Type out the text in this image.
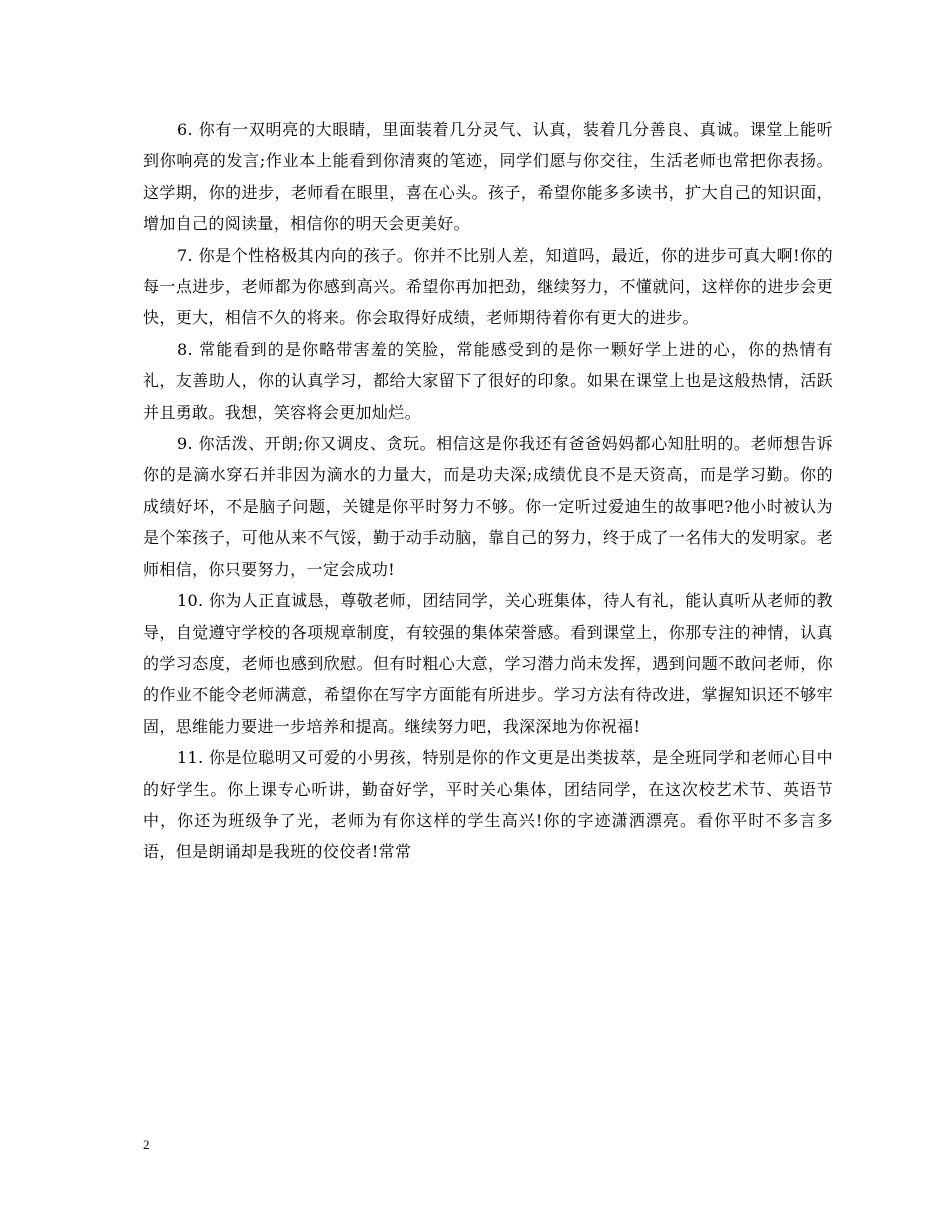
6. 你有一双明亮的大眼睛，里面装着几分灵气、认真，装着几分善良、真诚。课堂上能听到你响亮的发言;作业本上能看到你清爽的笔迹，同学们愿与你交往，生活老师也常把你表扬。这学期，你的进步，老师看在眼里，喜在心头。孩子，希望你能多多读书，扩大自己的知识面，增加自己的阅读量，相信你的明天会更美好。

7. 你是个性格极其内向的孩子。你并不比别人差，知道吗，最近，你的进步可真大啊!你的每一点进步，老师都为你感到高兴。希望你再加把劲，继续努力，不懂就问，这样你的进步会更快，更大，相信不久的将来。你会取得好成绩，老师期待着你有更大的进步。

8. 常能看到的是你略带害羞的笑脸，常能感受到的是你一颗好学上进的心，你的热情有礼，友善助人，你的认真学习，都给大家留下了很好的印象。如果在课堂上也是这般热情，活跃并且勇敢。我想，笑容将会更加灿烂。

9. 你活泼、开朗;你又调皮、贪玩。相信这是你我还有爸爸妈妈都心知肚明的。老师想告诉你的是滴水穿石并非因为滴水的力量大，而是功夫深;成绩优良不是天资高，而是学习勤。你的成绩好坏，不是脑子问题，关键是你平时努力不够。你一定听过爱迪生的故事吧?他小时被认为是个笨孩子，可他从来不气馁，勤于动手动脑，靠自己的努力，终于成了一名伟大的发明家。老师相信，你只要努力，一定会成功!

10. 你为人正直诚恳，尊敬老师，团结同学，关心班集体，待人有礼，能认真听从老师的教导，自觉遵守学校的各项规章制度，有较强的集体荣誉感。看到课堂上，你那专注的神情，认真的学习态度，老师也感到欣慰。但有时粗心大意，学习潜力尚未发挥，遇到问题不敢问老师，你的作业不能令老师满意，希望你在写字方面能有所进步。学习方法有待改进，掌握知识还不够牢固，思维能力要进一步培养和提高。继续努力吧，我深深地为你祝福!

11. 你是位聪明又可爱的小男孩，特别是你的作文更是出类拔萃，是全班同学和老师心目中的好学生。你上课专心听讲，勤奋好学，平时关心集体，团结同学，在这次校艺术节、英语节中，你还为班级争了光，老师为有你这样的学生高兴!你的字迹潇洒漂亮。看你平时不多言多语，但是朗诵却是我班的佼佼者!常常

2
